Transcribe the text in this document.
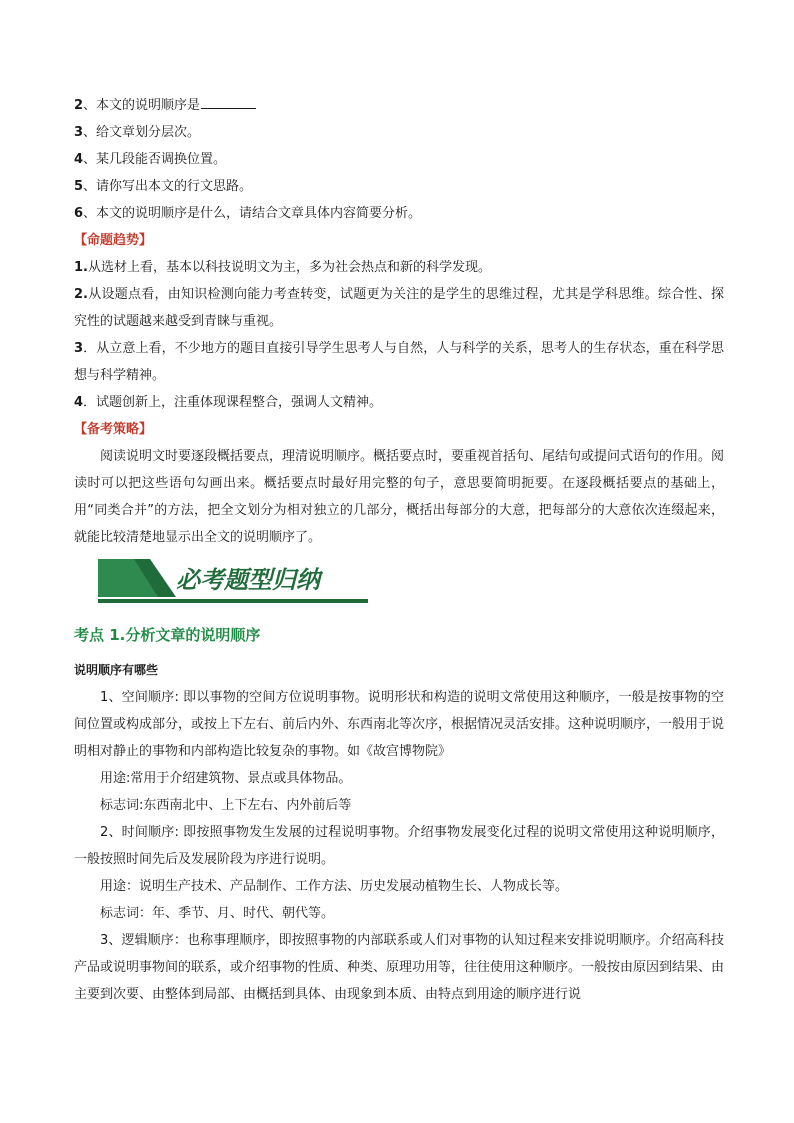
2、本文的说明顺序是
3、给文章划分层次。
4、某几段能否调换位置。
5、请你写出本文的行文思路。
6、本文的说明顺序是什么，请结合文章具体内容简要分析。
【命题趋势】
1.从选材上看，基本以科技说明文为主，多为社会热点和新的科学发现。
2.从设题点看，由知识检测向能力考查转变，试题更为关注的是学生的思维过程，尤其是学科思维。综合性、探究性的试题越来越受到青睐与重视。
3．从立意上看，不少地方的题目直接引导学生思考人与自然，人与科学的关系，思考人的生存状态，重在科学思想与科学精神。
4．试题创新上，注重体现课程整合，强调人文精神。
【备考策略】
阅读说明文时要逐段概括要点，理清说明顺序。概括要点时，要重视首括句、尾结句或提问式语句的作用。阅读时可以把这些语句勾画出来。概括要点时最好用完整的句子，意思要简明扼要。在逐段概括要点的基础上，用“同类合并”的方法，把全文划分为相对独立的几部分，概括出每部分的大意，把每部分的大意依次连缀起来，就能比较清楚地显示出全文的说明顺序了。
必考题型归纳
考点 1.分析文章的说明顺序
说明顺序有哪些
1、空间顺序: 即以事物的空间方位说明事物。说明形状和构造的说明文常使用这种顺序，一般是按事物的空间位置或构成部分，或按上下左右、前后内外、东西南北等次序，根据情况灵活安排。这种说明顺序，一般用于说明相对静止的事物和内部构造比较复杂的事物。如《故宫博物院》
用途:常用于介绍建筑物、景点或具体物品。
标志词:东西南北中、上下左右、内外前后等
2、时间顺序: 即按照事物发生发展的过程说明事物。介绍事物发展变化过程的说明文常使用这种说明顺序，一般按照时间先后及发展阶段为序进行说明。
用途：说明生产技术、产品制作、工作方法、历史发展动植物生长、人物成长等。
标志词：年、季节、月、时代、朝代等。
3、逻辑顺序：也称事理顺序，即按照事物的内部联系或人们对事物的认知过程来安排说明顺序。介绍高科技产品或说明事物间的联系，或介绍事物的性质、种类、原理功用等，往往使用这种顺序。一般按由原因到结果、由主要到次要、由整体到局部、由概括到具体、由现象到本质、由特点到用途的顺序进行说
